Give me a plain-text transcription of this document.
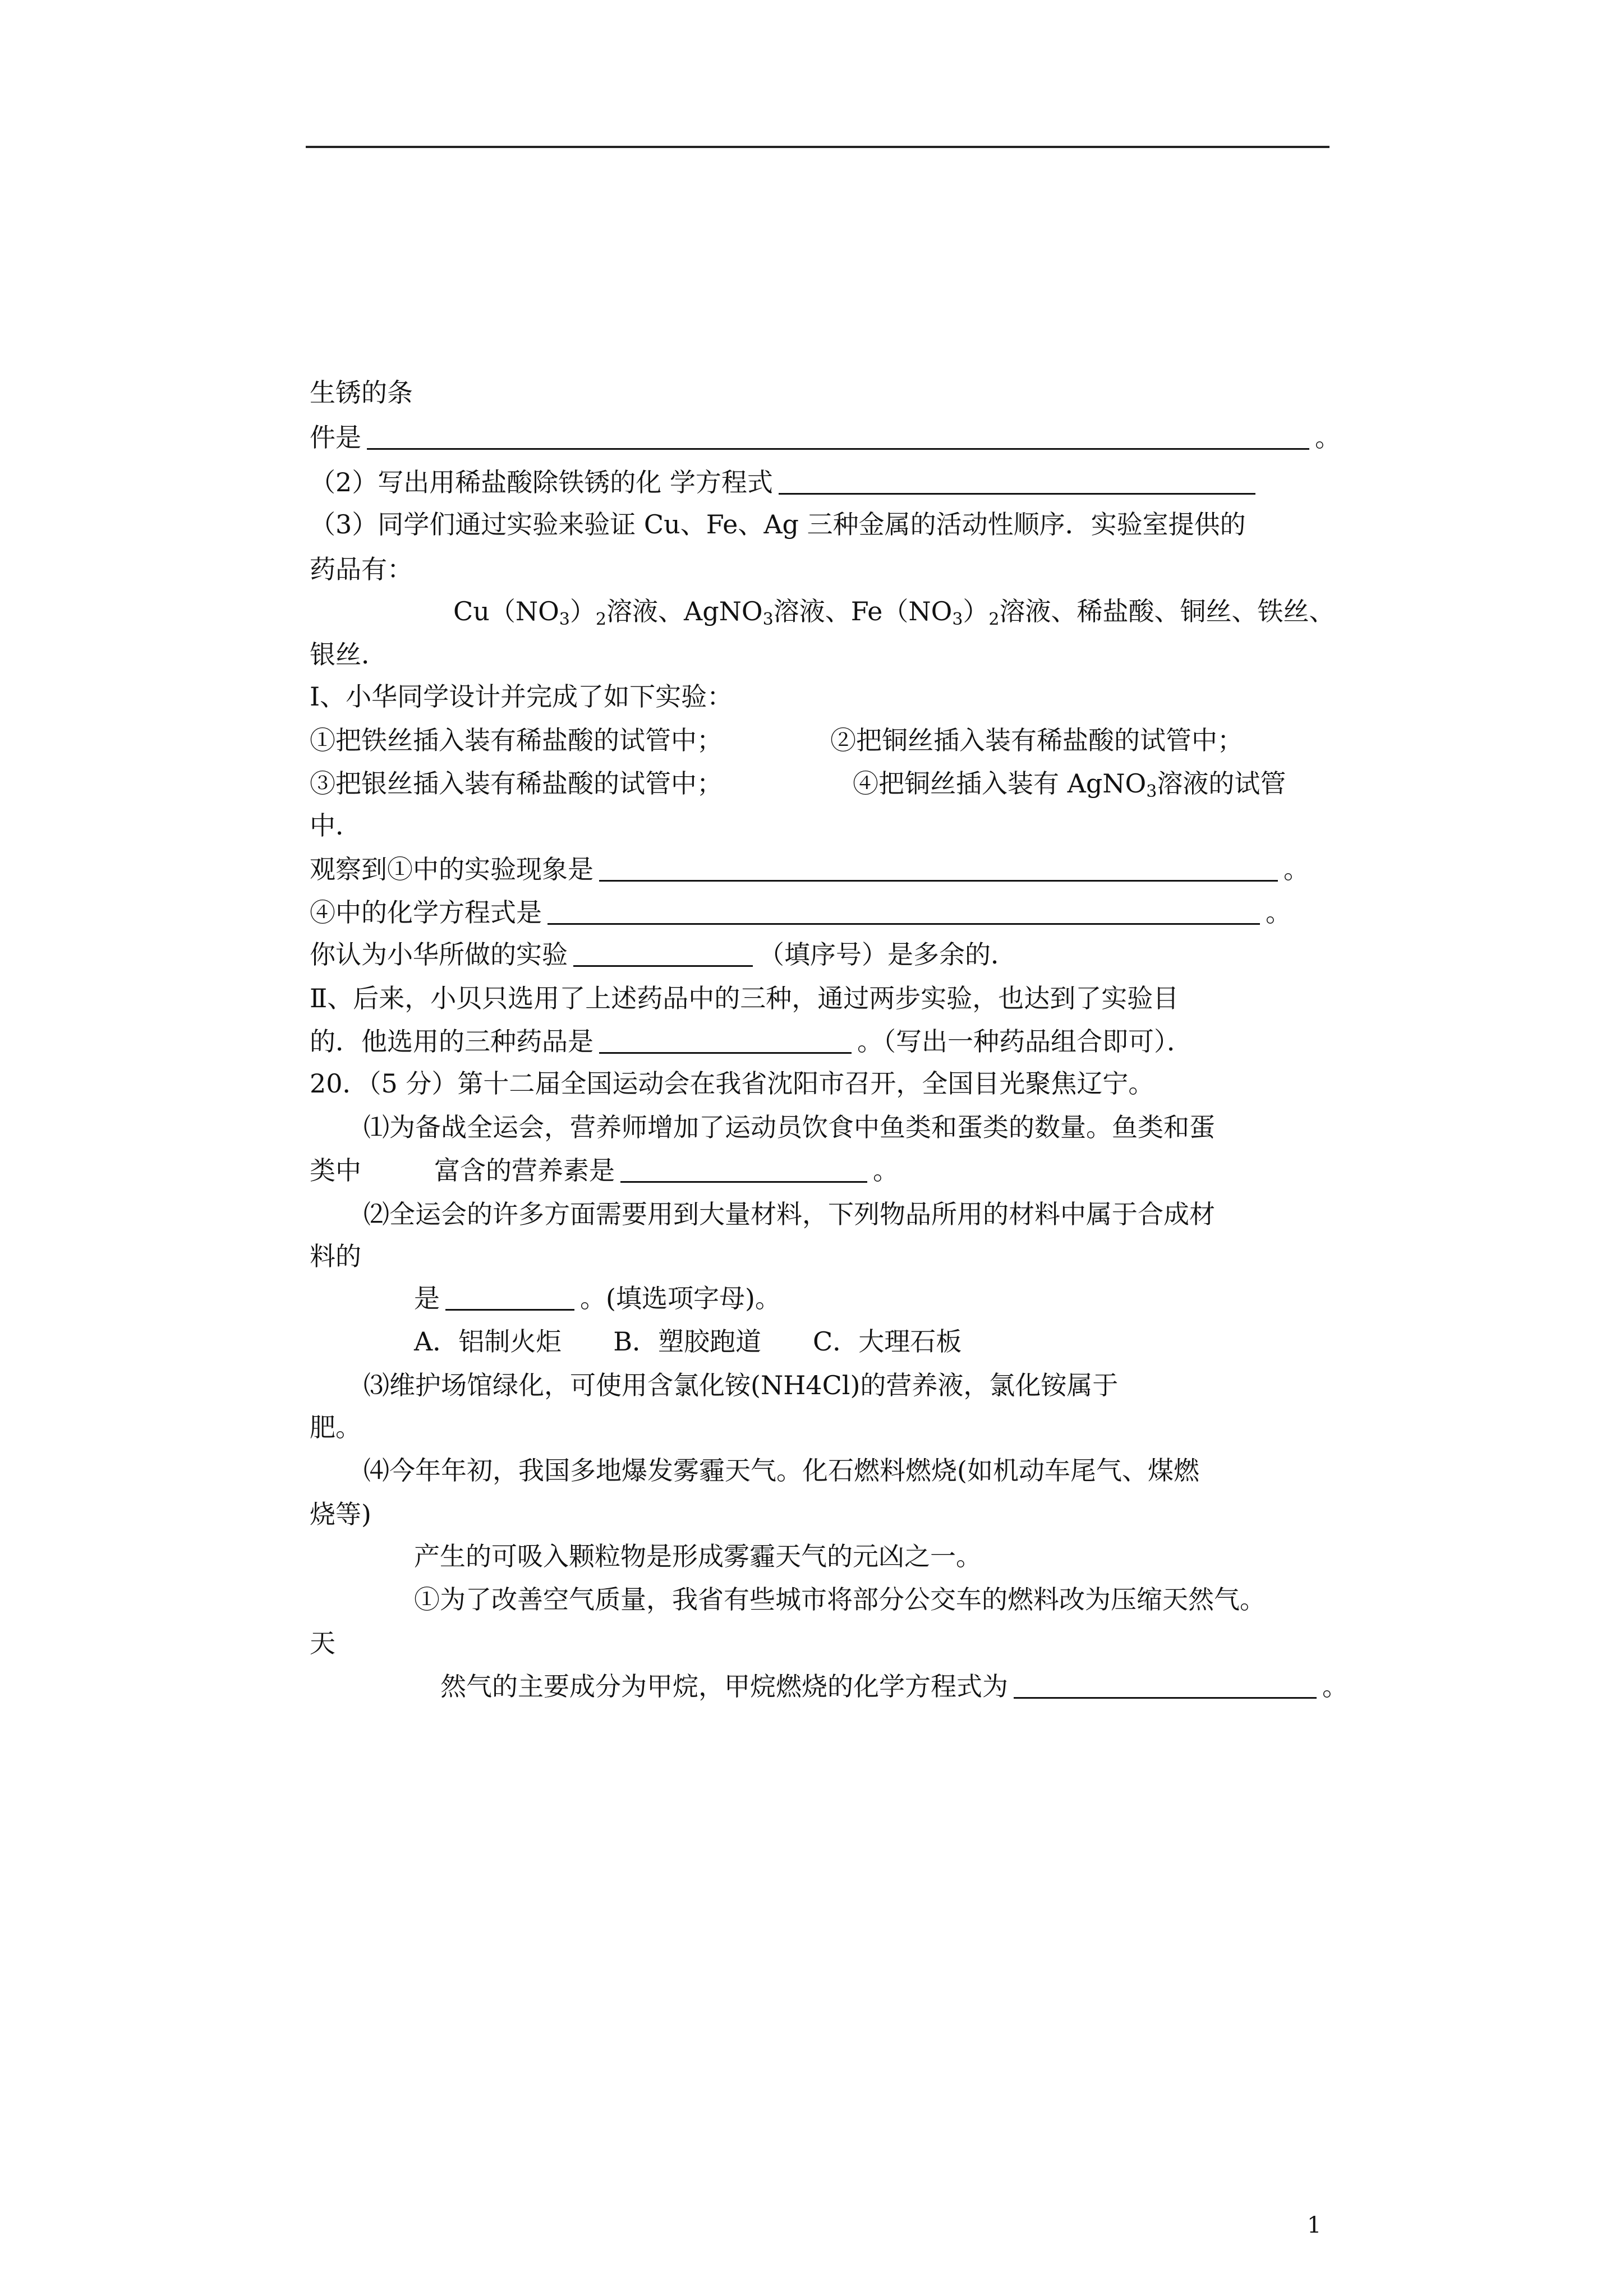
生锈的条
件是	。
（2）写出用稀盐酸除铁锈的化 学方程式
（3）同学们通过实验来验证 Cu、Fe、Ag 三种金属的活动性顺序．实验室提供的
药品有：
$Cu(NO_3)_2$溶液、AgNO$_3$溶液、$Fe(NO_3)_2$溶液、稀盐酸、铜丝、铁丝、
银丝．
Ⅰ、小华同学设计并完成了如下实验：
①把铁丝插入装有稀盐酸的试管中；	②把铜丝插入装有稀盐酸的试管中；
③把银丝插入装有稀盐酸的试管中；	④把铜丝插入装有 AgNO$_3$溶液的试管
中．
观察到①中的实验现象是	。
④中的化学方程式是	。
你认为小华所做的实验	（填序号）是多余的．
Ⅱ、后来，小贝只选用了上述药品中的三种，通过两步实验，也达到了实验目
的．他选用的三种药品是	。（写出一种药品组合即可）．
20．（5 分）第十二届全国运动会在我省沈阳市召开，全国目光聚焦辽宁。
⑴为备战全运会，营养师增加了运动员饮食中鱼类和蛋类的数量。鱼类和蛋
类中	富含的营养素是	。
⑵全运会的许多方面需要用到大量材料，下列物品所用的材料中属于合成材
料的
是	。(填选项字母)。
A．铝制火炬　　B．塑胶跑道　　C．大理石板
⑶维护场馆绿化，可使用含氯化铵(NH4Cl)的营养液，氯化铵属于
肥。
⑷今年年初，我国多地爆发雾霾天气。化石燃料燃烧(如机动车尾气、煤燃
烧等)
产生的可吸入颗粒物是形成雾霾天气的元凶之一。
①为了改善空气质量，我省有些城市将部分公交车的燃料改为压缩天然气。
天
然气的主要成分为甲烷，甲烷燃烧的化学方程式为	。
1
